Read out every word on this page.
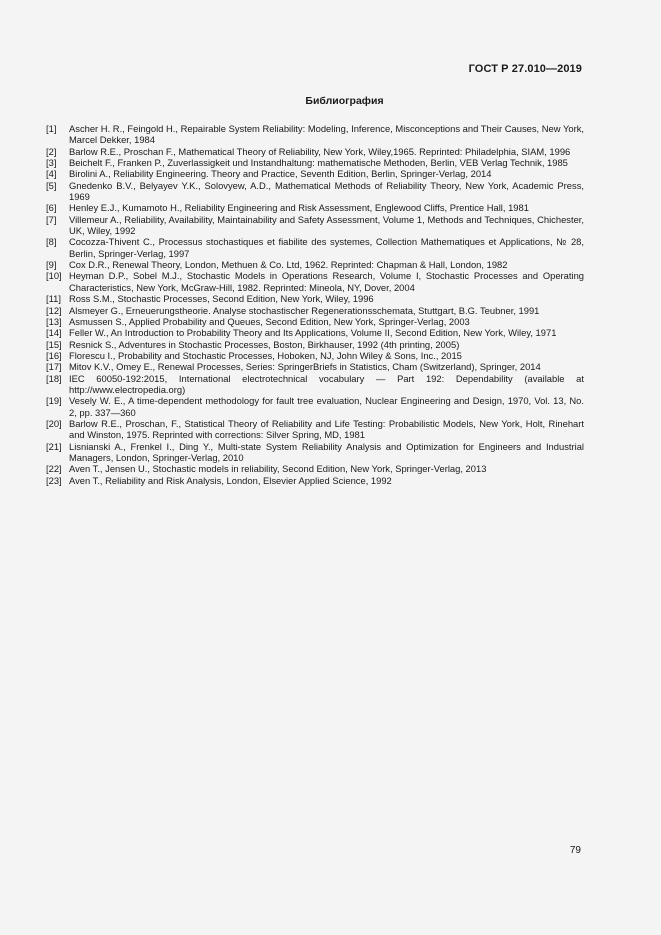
ГОСТ Р 27.010—2019
Библиография
[1]	Ascher H. R., Feingold H., Repairable System Reliability: Modeling, Inference, Misconceptions and Their Causes, New York, Marcel Dekker, 1984
[2]	Barlow R.E., Proschan F., Mathematical Theory of Reliability, New York, Wiley,1965. Reprinted: Philadelphia, SIAM, 1996
[3]	Beichelt F., Franken P., Zuverlassigkeit und Instandhaltung: mathematische Methoden, Berlin, VEB Verlag Technik, 1985
[4]	Birolini A., Reliability Engineering. Theory and Practice, Seventh Edition, Berlin, Springer-Verlag, 2014
[5]	Gnedenko B.V., Belyayev Y.K., Solovyew, A.D., Mathematical Methods of Reliability Theory, New York, Academic Press, 1969
[6]	Henley E.J., Kumamoto H., Reliability Engineering and Risk Assessment, Englewood Cliffs, Prentice Hall, 1981
[7]	Villemeur A., Reliability, Availability, Maintainability and Safety Assessment, Volume 1, Methods and Techniques, Chichester, UK, Wiley, 1992
[8]	Cocozza-Thivent C., Processus stochastiques et fiabilite des systemes, Collection Mathematiques et Applications, № 28, Berlin, Springer-Verlag, 1997
[9]	Cox D.R., Renewal Theory, London, Methuen & Co. Ltd, 1962. Reprinted: Chapman & Hall, London, 1982
[10] Heyman D.P., Sobel M.J., Stochastic Models in Operations Research, Volume I, Stochastic Processes and Operating Characteristics, New York, McGraw-Hill, 1982. Reprinted: Mineola, NY, Dover, 2004
[11] Ross S.M., Stochastic Processes, Second Edition, New York, Wiley, 1996
[12] Alsmeyer G., Erneuerungstheorie. Analyse stochastischer Regenerationsschemata, Stuttgart, B.G. Teubner, 1991
[13] Asmussen S., Applied Probability and Queues, Second Edition, New York, Springer-Verlag, 2003
[14] Feller W., An Introduction to Probability Theory and Its Applications, Volume II, Second Edition, New York, Wiley, 1971
[15] Resnick S., Adventures in Stochastic Processes, Boston, Birkhauser, 1992 (4th printing, 2005)
[16] Florescu I., Probability and Stochastic Processes, Hoboken, NJ, John Wiley & Sons, Inc., 2015
[17] Mitov K.V., Omey E., Renewal Processes, Series: SpringerBriefs in Statistics, Cham (Switzerland), Springer, 2014
[18] IEC 60050-192:2015, International electrotechnical vocabulary — Part 192: Dependability (available at http://www.electropedia.org)
[19] Vesely W. E., A time-dependent methodology for fault tree evaluation, Nuclear Engineering and Design, 1970, Vol. 13, No. 2, pp. 337—360
[20] Barlow R.E., Proschan, F., Statistical Theory of Reliability and Life Testing: Probabilistic Models, New York, Holt, Rinehart and Winston, 1975. Reprinted with corrections: Silver Spring, MD, 1981
[21] Lisnianski A., Frenkel I., Ding Y., Multi-state System Reliability Analysis and Optimization for Engineers and Industrial Managers, London, Springer-Verlag, 2010
[22] Aven T., Jensen U., Stochastic models in reliability, Second Edition, New York, Springer-Verlag, 2013
[23] Aven T., Reliability and Risk Analysis, London, Elsevier Applied Science, 1992
79
